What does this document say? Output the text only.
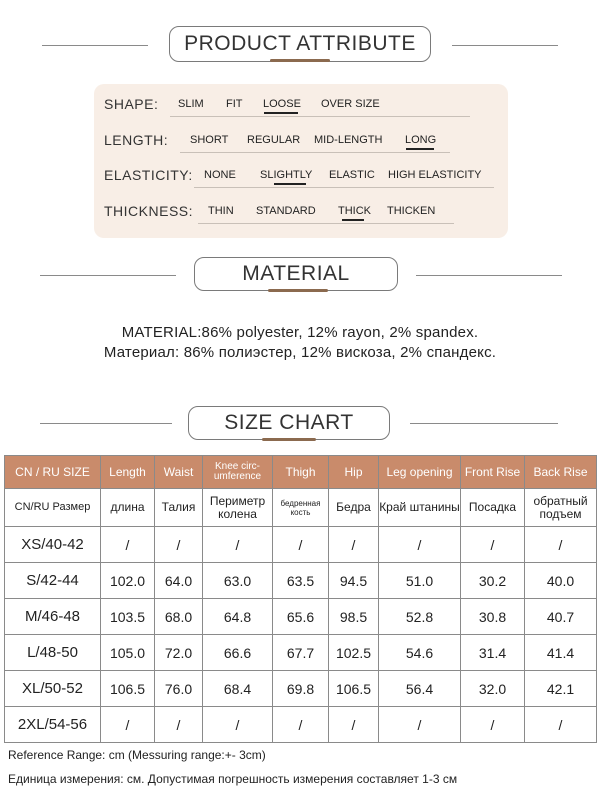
PRODUCT ATTRIBUTE
SHAPE: SLIM FIT LOOSE OVER SIZE
LENGTH: SHORT REGULAR MID-LENGTH LONG
ELASTICITY: NONE SLIGHTLY ELASTIC HIGH ELASTICITY
THICKNESS: THIN STANDARD THICK THICKEN
MATERIAL
MATERIAL:86% polyester, 12% rayon, 2% spandex.
Материал: 86% полиэстер, 12% вискоза, 2% спандекс.
SIZE CHART
CN / RU SIZE	Length	Waist	Knee circ-umference	Thigh	Hip	Leg opening	Front Rise	Back Rise
CN/RU Размер	длина	Талия	Периметр колена	бедренная кость	Бедра	Край штанины	Посадка	обратный подъем
XS/40-42	/	/	/	/	/	/	/	/
S/42-44	102.0	64.0	63.0	63.5	94.5	51.0	30.2	40.0
M/46-48	103.5	68.0	64.8	65.6	98.5	52.8	30.8	40.7
L/48-50	105.0	72.0	66.6	67.7	102.5	54.6	31.4	41.4
XL/50-52	106.5	76.0	68.4	69.8	106.5	56.4	32.0	42.1
2XL/54-56	/	/	/	/	/	/	/	/
Reference Range: cm (Messuring range:+- 3cm)
Единица измерения: см. Допустимая погрешность измерения составляет 1-3 см
